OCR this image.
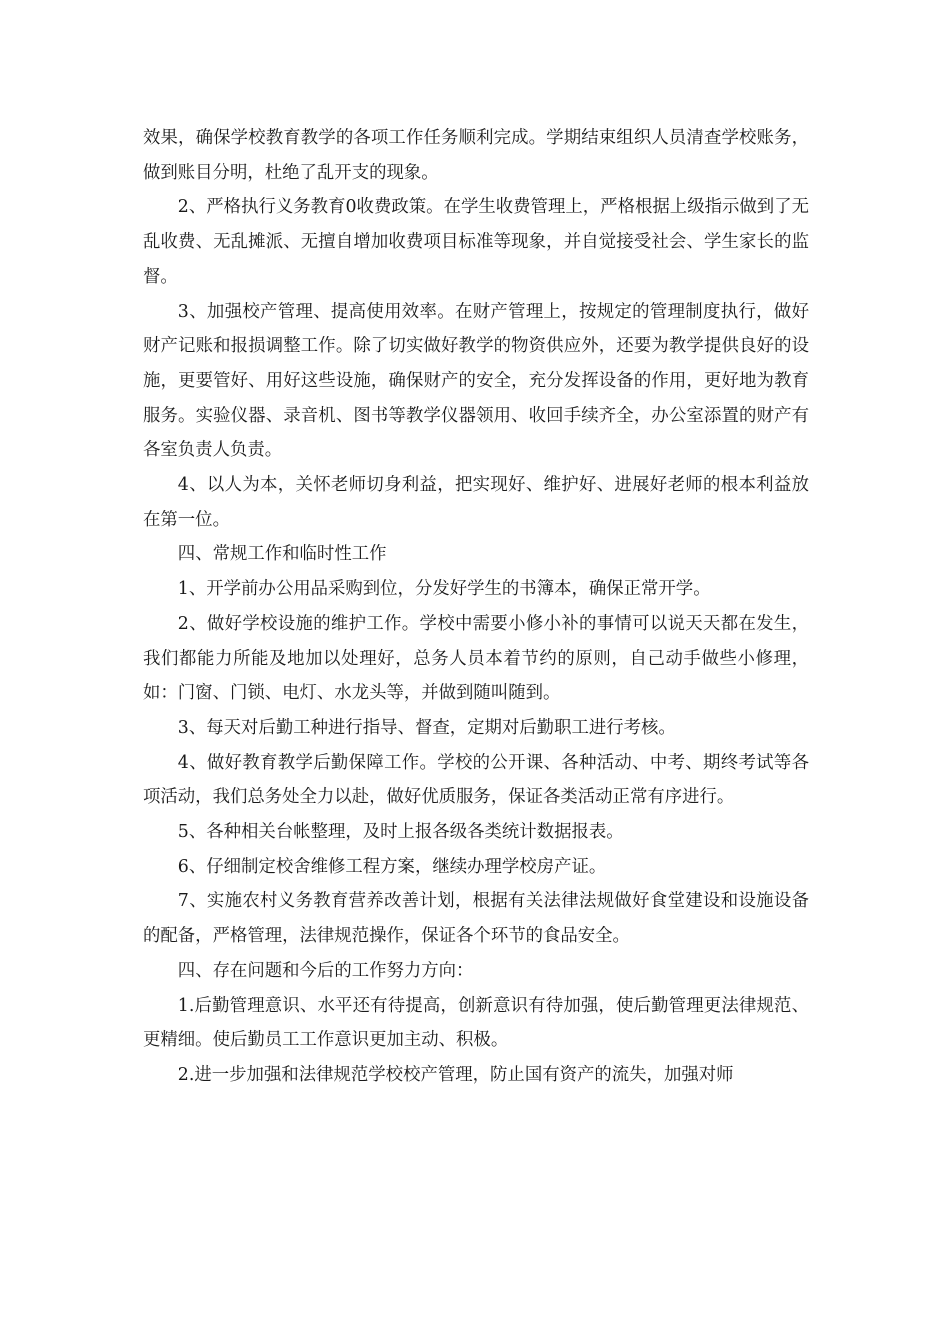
效果，确保学校教育教学的各项工作任务顺利完成。学期结束组织人员清查学校账务，做到账目分明，杜绝了乱开支的现象。

2、严格执行义务教育0收费政策。在学生收费管理上，严格根据上级指示做到了无乱收费、无乱摊派、无擅自增加收费项目标准等现象，并自觉接受社会、学生家长的监督。

3、加强校产管理、提高使用效率。在财产管理上，按规定的管理制度执行，做好财产记账和报损调整工作。除了切实做好教学的物资供应外，还要为教学提供良好的设施，更要管好、用好这些设施，确保财产的安全，充分发挥设备的作用，更好地为教育服务。实验仪器、录音机、图书等教学仪器领用、收回手续齐全，办公室添置的财产有各室负责人负责。

4、以人为本，关怀老师切身利益，把实现好、维护好、进展好老师的根本利益放在第一位。

四、常规工作和临时性工作

1、开学前办公用品采购到位，分发好学生的书簿本，确保正常开学。

2、做好学校设施的维护工作。学校中需要小修小补的事情可以说天天都在发生，我们都能力所能及地加以处理好，总务人员本着节约的原则，自己动手做些小修理，如：门窗、门锁、电灯、水龙头等，并做到随叫随到。

3、每天对后勤工种进行指导、督查，定期对后勤职工进行考核。

4、做好教育教学后勤保障工作。学校的公开课、各种活动、中考、期终考试等各项活动，我们总务处全力以赴，做好优质服务，保证各类活动正常有序进行。

5、各种相关台帐整理，及时上报各级各类统计数据报表。

6、仔细制定校舍维修工程方案，继续办理学校房产证。

7、实施农村义务教育营养改善计划，根据有关法律法规做好食堂建设和设施设备的配备，严格管理，法律规范操作，保证各个环节的食品安全。

四、存在问题和今后的工作努力方向：

1.后勤管理意识、水平还有待提高，创新意识有待加强，使后勤管理更法律规范、更精细。使后勤员工工作意识更加主动、积极。

2.进一步加强和法律规范学校校产管理，防止国有资产的流失，加强对师
